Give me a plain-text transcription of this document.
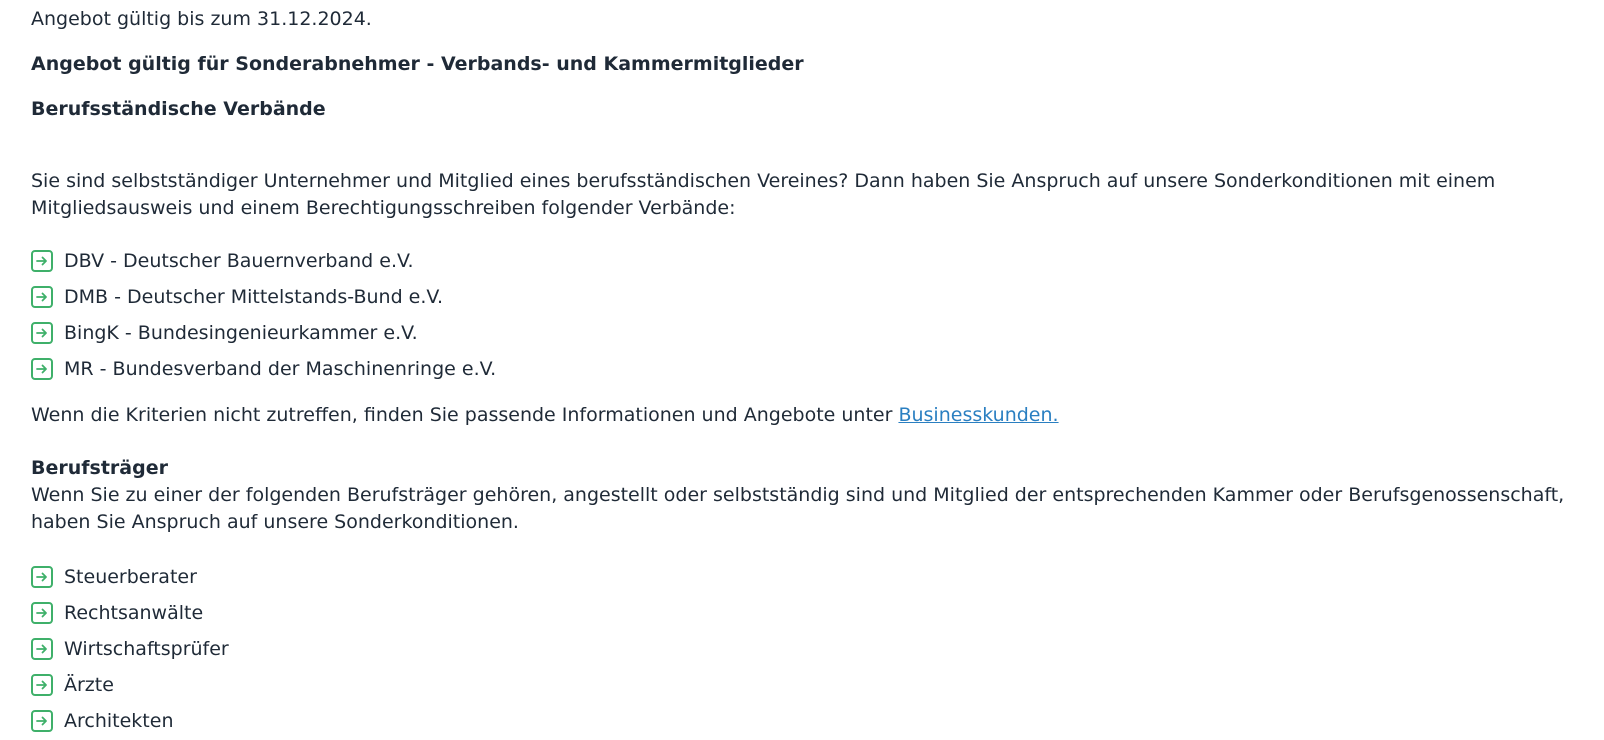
Angebot gültig bis zum 31.12.2024.

Angebot gültig für Sonderabnehmer - Verbands- und Kammermitglieder
Berufsständische Verbände

Sie sind selbstständiger Unternehmer und Mitglied eines berufsständischen Vereines? Dann haben Sie Anspruch auf unsere Sonderkonditionen mit einem Mitgliedsausweis und einem Berechtigungsschreiben folgender Verbände:

DBV - Deutscher Bauernverband e.V.
DMB - Deutscher Mittelstands-Bund e.V.
BingK - Bundesingenieurkammer e.V.
MR - Bundesverband der Maschinenringe e.V.

Wenn die Kriterien nicht zutreffen, finden Sie passende Informationen und Angebote unter Businesskunden.

Berufsträger

Wenn Sie zu einer der folgenden Berufsträger gehören, angestellt oder selbstständig sind und Mitglied der entsprechenden Kammer oder Berufsgenossenschaft, haben Sie Anspruch auf unsere Sonderkonditionen.

Steuerberater
Rechtsanwälte
Wirtschaftsprüfer
Ärzte
Architekten
